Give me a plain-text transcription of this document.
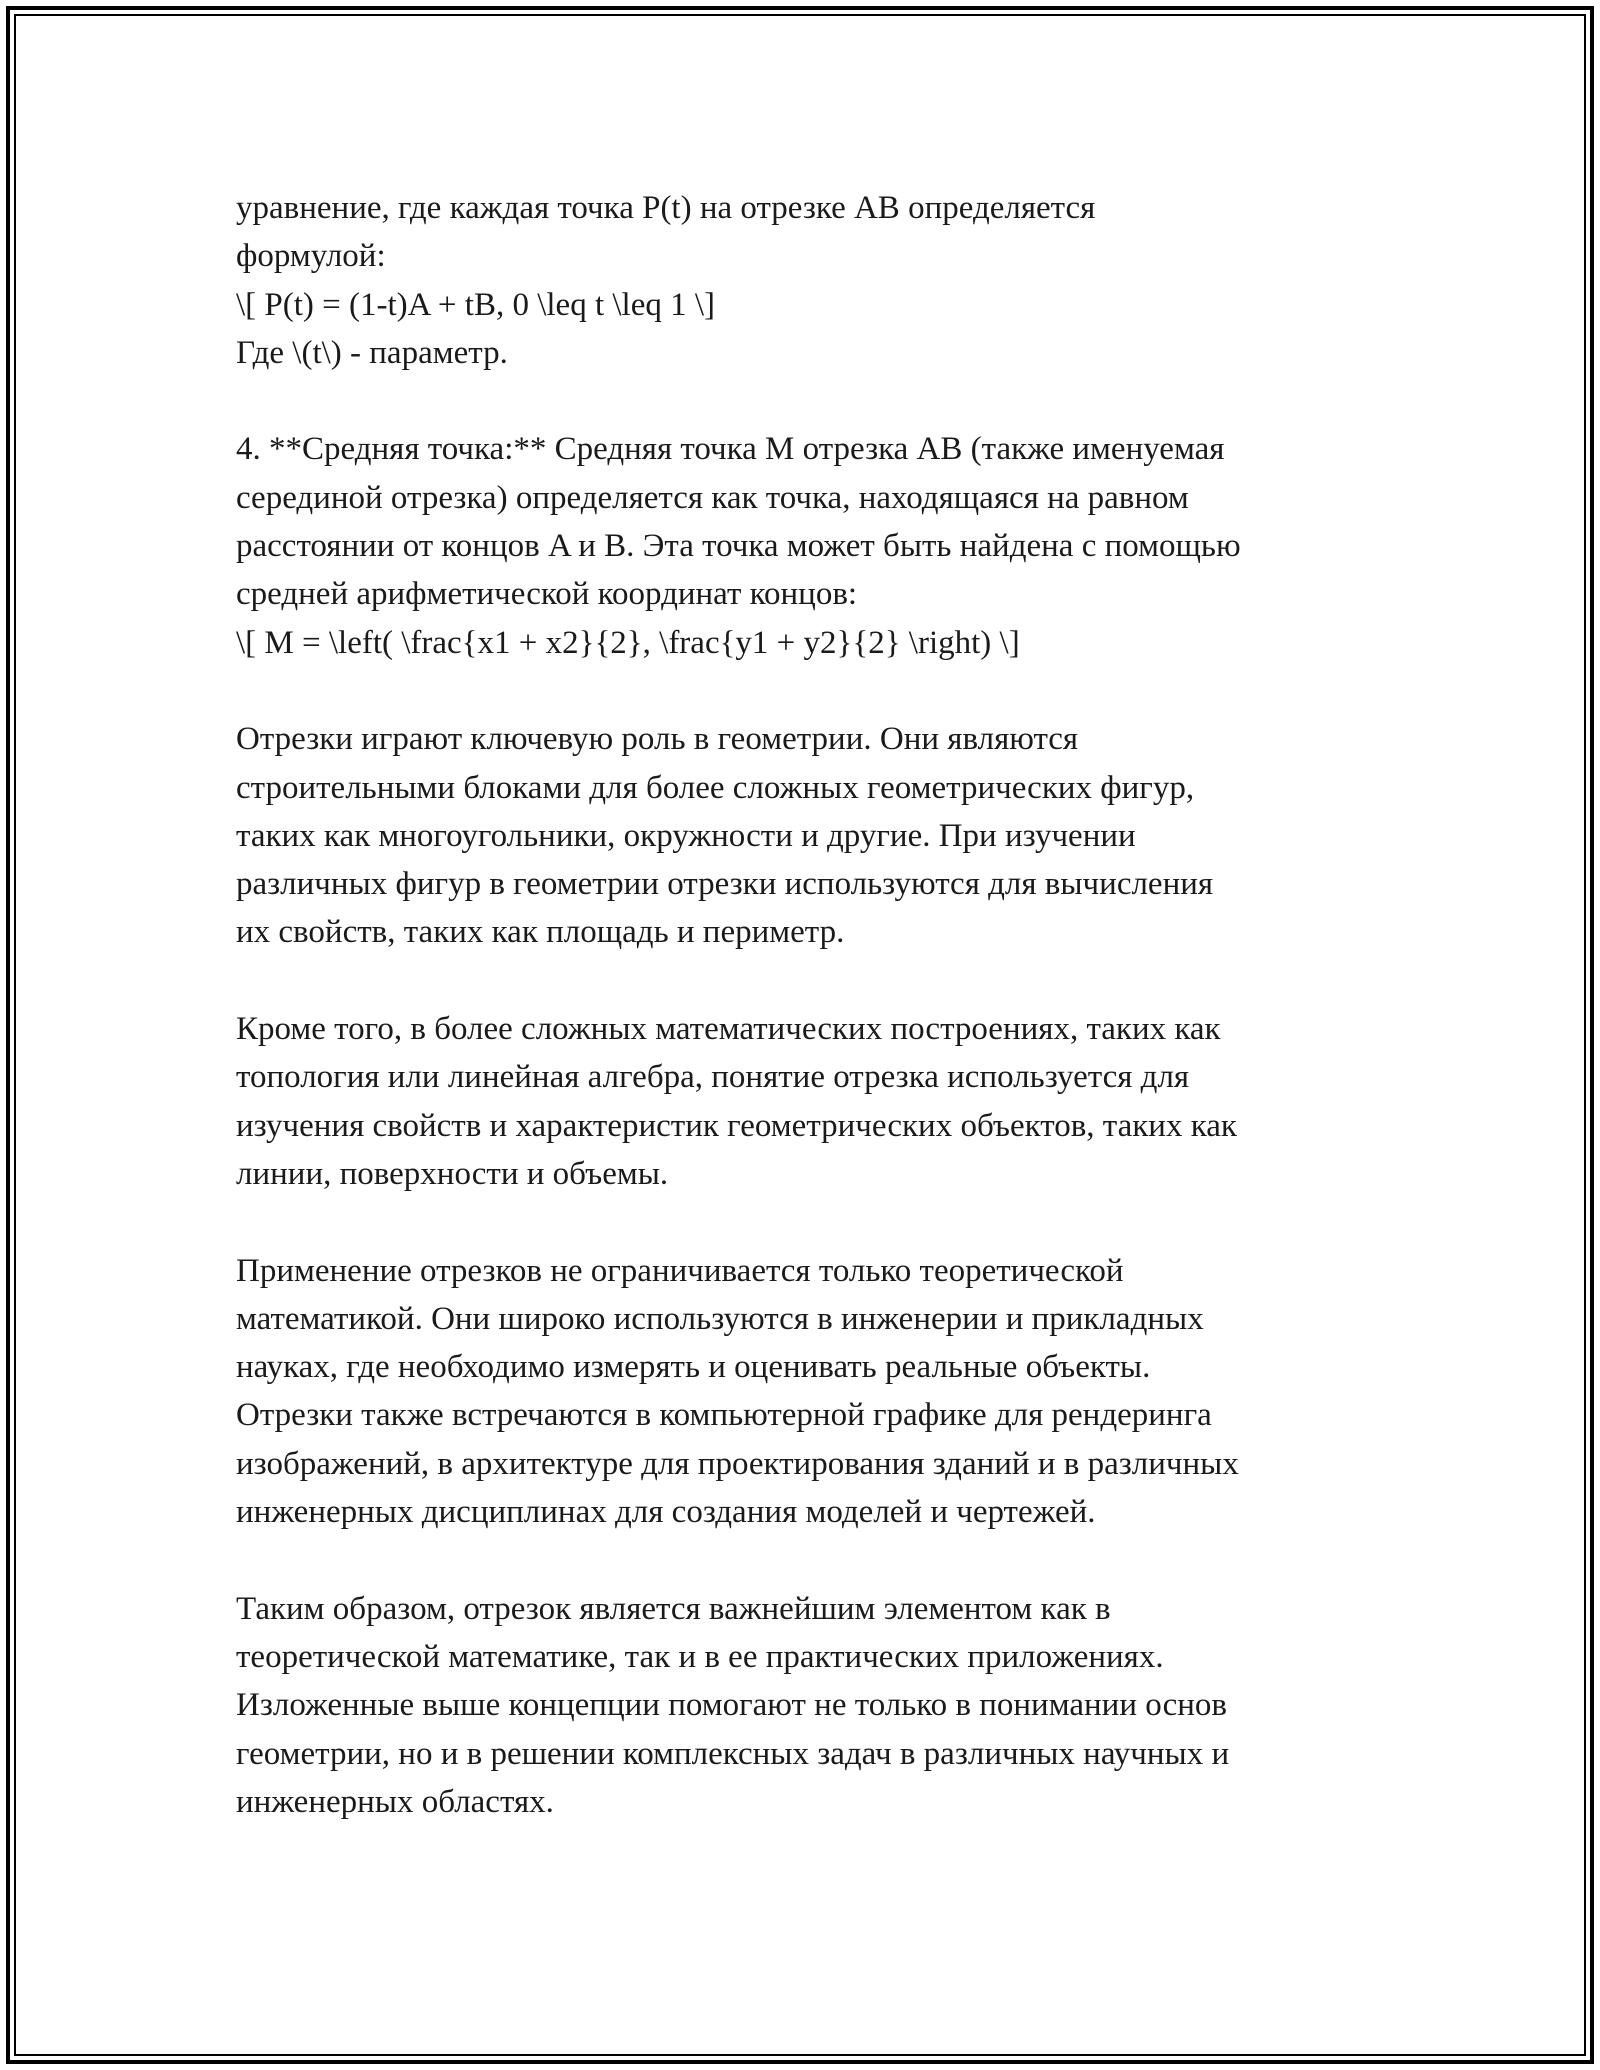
уравнение, где каждая точка P(t) на отрезке AB определяется
формулой:
\[ P(t) = (1-t)A + tB, 0 \leq t \leq 1 \]
Где \(t\) - параметр.
4. **Средняя точка:** Средняя точка M отрезка AB (также именуемая
серединой отрезка) определяется как точка, находящаяся на равном
расстоянии от концов A и B. Эта точка может быть найдена с помощью
средней арифметической координат концов:
\[ M = \left( \frac{x1 + x2}{2}, \frac{y1 + y2}{2} \right) \]
Отрезки играют ключевую роль в геометрии. Они являются
строительными блоками для более сложных геометрических фигур,
таких как многоугольники, окружности и другие. При изучении
различных фигур в геометрии отрезки используются для вычисления
их свойств, таких как площадь и периметр.
Кроме того, в более сложных математических построениях, таких как
топология или линейная алгебра, понятие отрезка используется для
изучения свойств и характеристик геометрических объектов, таких как
линии, поверхности и объемы.
Применение отрезков не ограничивается только теоретической
математикой. Они широко используются в инженерии и прикладных
науках, где необходимо измерять и оценивать реальные объекты.
Отрезки также встречаются в компьютерной графике для рендеринга
изображений, в архитектуре для проектирования зданий и в различных
инженерных дисциплинах для создания моделей и чертежей.
Таким образом, отрезок является важнейшим элементом как в
теоретической математике, так и в ее практических приложениях.
Изложенные выше концепции помогают не только в понимании основ
геометрии, но и в решении комплексных задач в различных научных и
инженерных областях.
